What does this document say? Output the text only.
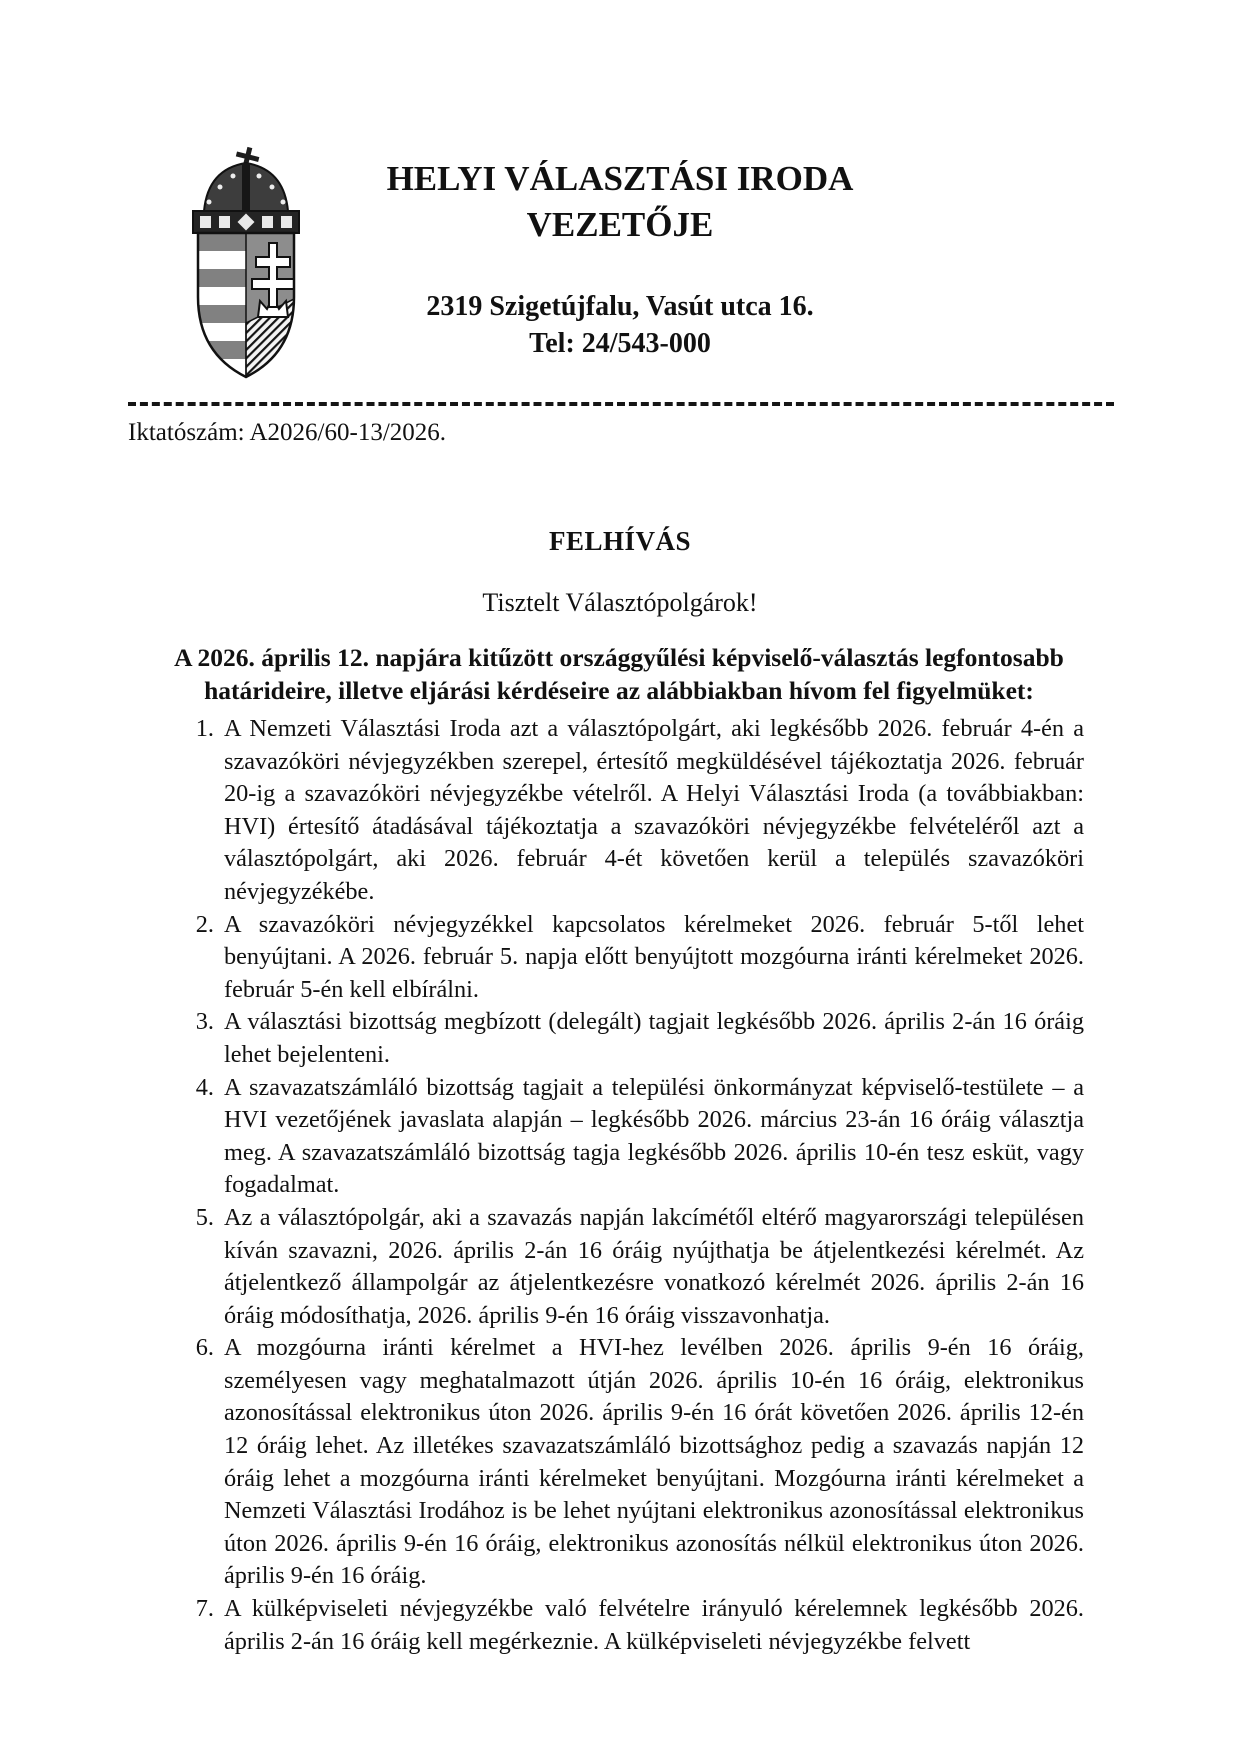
HELYI VÁLASZTÁSI IRODA
VEZETŐJE
2319 Szigetújfalu, Vasút utca 16.
Tel: 24/543-000
Iktatószám: A2026/60-13/2026.
FELHÍVÁS
Tisztelt Választópolgárok!

A 2026. április 12. napjára kitűzött országgyűlési képviselő-választás legfontosabb határideire, illetve eljárási kérdéseire az alábbiakban hívom fel figyelmüket:

1. A Nemzeti Választási Iroda azt a választópolgárt, aki legkésőbb 2026. február 4-én a szavazóköri névjegyzékben szerepel, értesítő megküldésével tájékoztatja 2026. február 20-ig a szavazóköri névjegyzékbe vételről. A Helyi Választási Iroda (a továbbiakban: HVI) értesítő átadásával tájékoztatja a szavazóköri névjegyzékbe felvételéről azt a választópolgárt, aki 2026. február 4-ét követően kerül a település szavazóköri névjegyzékébe.
2. A szavazóköri névjegyzékkel kapcsolatos kérelmeket 2026. február 5-től lehet benyújtani. A 2026. február 5. napja előtt benyújtott mozgóurna iránti kérelmeket 2026. február 5-én kell elbírálni.
3. A választási bizottság megbízott (delegált) tagjait legkésőbb 2026. április 2-án 16 óráig lehet bejelenteni.
4. A szavazatszámláló bizottság tagjait a települési önkormányzat képviselő-testülete – a HVI vezetőjének javaslata alapján – legkésőbb 2026. március 23-án 16 óráig választja meg. A szavazatszámláló bizottság tagja legkésőbb 2026. április 10-én tesz esküt, vagy fogadalmat.
5. Az a választópolgár, aki a szavazás napján lakcímétől eltérő magyarországi településen kíván szavazni, 2026. április 2-án 16 óráig nyújthatja be átjelentkezési kérelmét. Az átjelentkező állampolgár az átjelentkezésre vonatkozó kérelmét 2026. április 2-án 16 óráig módosíthatja, 2026. április 9-én 16 óráig visszavonhatja.
6. A mozgóurna iránti kérelmet a HVI-hez levélben 2026. április 9-én 16 óráig, személyesen vagy meghatalmazott útján 2026. április 10-én 16 óráig, elektronikus azonosítással elektronikus úton 2026. április 9-én 16 órát követően 2026. április 12-én 12 óráig lehet. Az illetékes szavazatszámláló bizottsághoz pedig a szavazás napján 12 óráig lehet a mozgóurna iránti kérelmeket benyújtani. Mozgóurna iránti kérelmeket a Nemzeti Választási Irodához is be lehet nyújtani elektronikus azonosítással elektronikus úton 2026. április 9-én 16 óráig, elektronikus azonosítás nélkül elektronikus úton 2026. április 9-én 16 óráig.
7. A külképviseleti névjegyzékbe való felvételre irányuló kérelemnek legkésőbb 2026. április 2-án 16 óráig kell megérkeznie. A külképviseleti névjegyzékbe felvett
